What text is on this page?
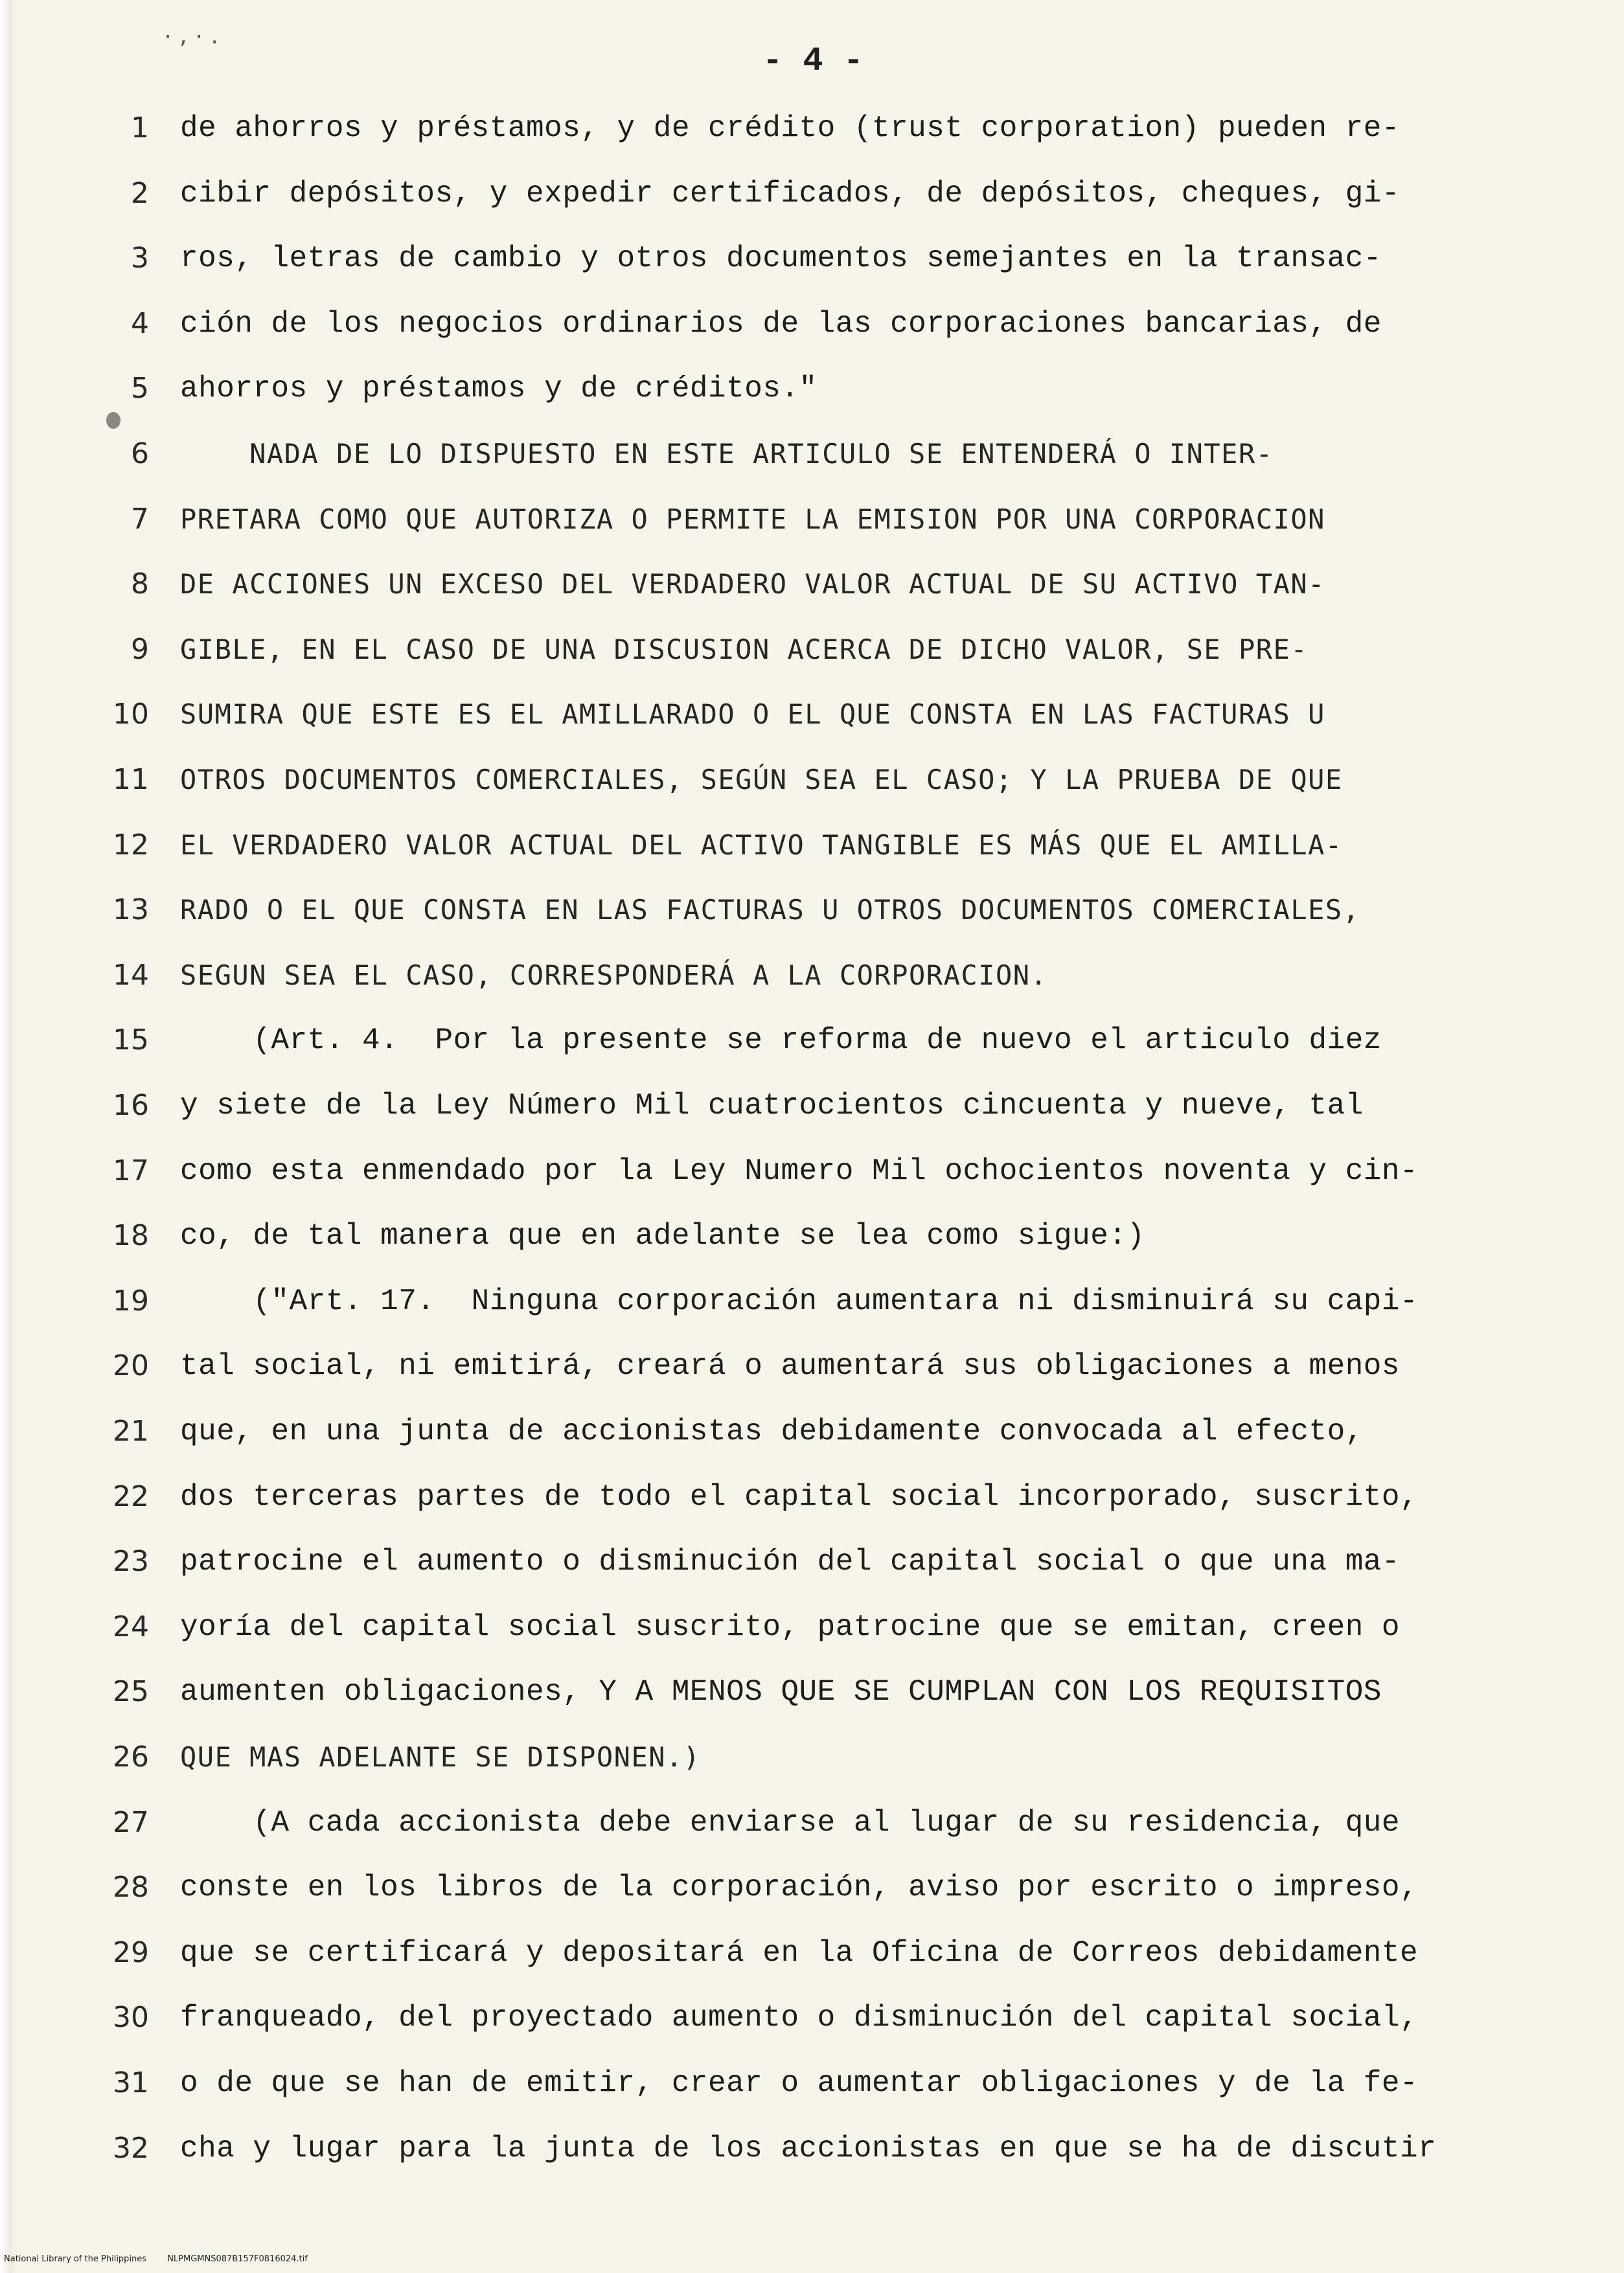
·,·.
- 4 -
1 de ahorros y préstamos, y de crédito (trust corporation) pueden re-
2 cibir depósitos, y expedir certificados, de depósitos, cheques, gi-
3 ros, letras de cambio y otros documentos semejantes en la transac-
4 ción de los negocios ordinarios de las corporaciones bancarias, de
5 ahorros y préstamos y de créditos."
6 NADA DE LO DISPUESTO EN ESTE ARTICULO SE ENTENDERÁ O INTER-
7 PRETARA COMO QUE AUTORIZA O PERMITE LA EMISION POR UNA CORPORACION
8 DE ACCIONES UN EXCESO DEL VERDADERO VALOR ACTUAL DE SU ACTIVO TAN-
9 GIBLE, EN EL CASO DE UNA DISCUSION ACERCA DE DICHO VALOR, SE PRE-
10 SUMIRA QUE ESTE ES EL AMILLARADO O EL QUE CONSTA EN LAS FACTURAS U
11 OTROS DOCUMENTOS COMERCIALES, SEGÚN SEA EL CASO; Y LA PRUEBA DE QUE
12 EL VERDADERO VALOR ACTUAL DEL ACTIVO TANGIBLE ES MÁS QUE EL AMILLA-
13 RADO O EL QUE CONSTA EN LAS FACTURAS U OTROS DOCUMENTOS COMERCIALES,
14 SEGUN SEA EL CASO, CORRESPONDERÁ A LA CORPORACION.
15 (Art. 4.  Por la presente se reforma de nuevo el articulo diez
16 y siete de la Ley Número Mil cuatrocientos cincuenta y nueve, tal
17 como esta enmendado por la Ley Numero Mil ochocientos noventa y cin-
18 co, de tal manera que en adelante se lea como sigue:)
19 ("Art. 17.  Ninguna corporación aumentara ni disminuirá su capi-
20 tal social, ni emitirá, creará o aumentará sus obligaciones a menos
21 que, en una junta de accionistas debidamente convocada al efecto,
22 dos terceras partes de todo el capital social incorporado, suscrito,
23 patrocine el aumento o disminución del capital social o que una ma-
24 yoría del capital social suscrito, patrocine que se emitan, creen o
25 aumenten obligaciones, Y A MENOS QUE SE CUMPLAN CON LOS REQUISITOS
26 QUE MAS ADELANTE SE DISPONEN.)
27 (A cada accionista debe enviarse al lugar de su residencia, que
28 conste en los libros de la corporación, aviso por escrito o impreso,
29 que se certificará y depositará en la Oficina de Correos debidamente
30 franqueado, del proyectado aumento o disminución del capital social,
31 o de que se han de emitir, crear o aumentar obligaciones y de la fe-
32 cha y lugar para la junta de los accionistas en que se ha de discutir
National Library of the Philippines NLPMGMNS087B157F0816024.tif
